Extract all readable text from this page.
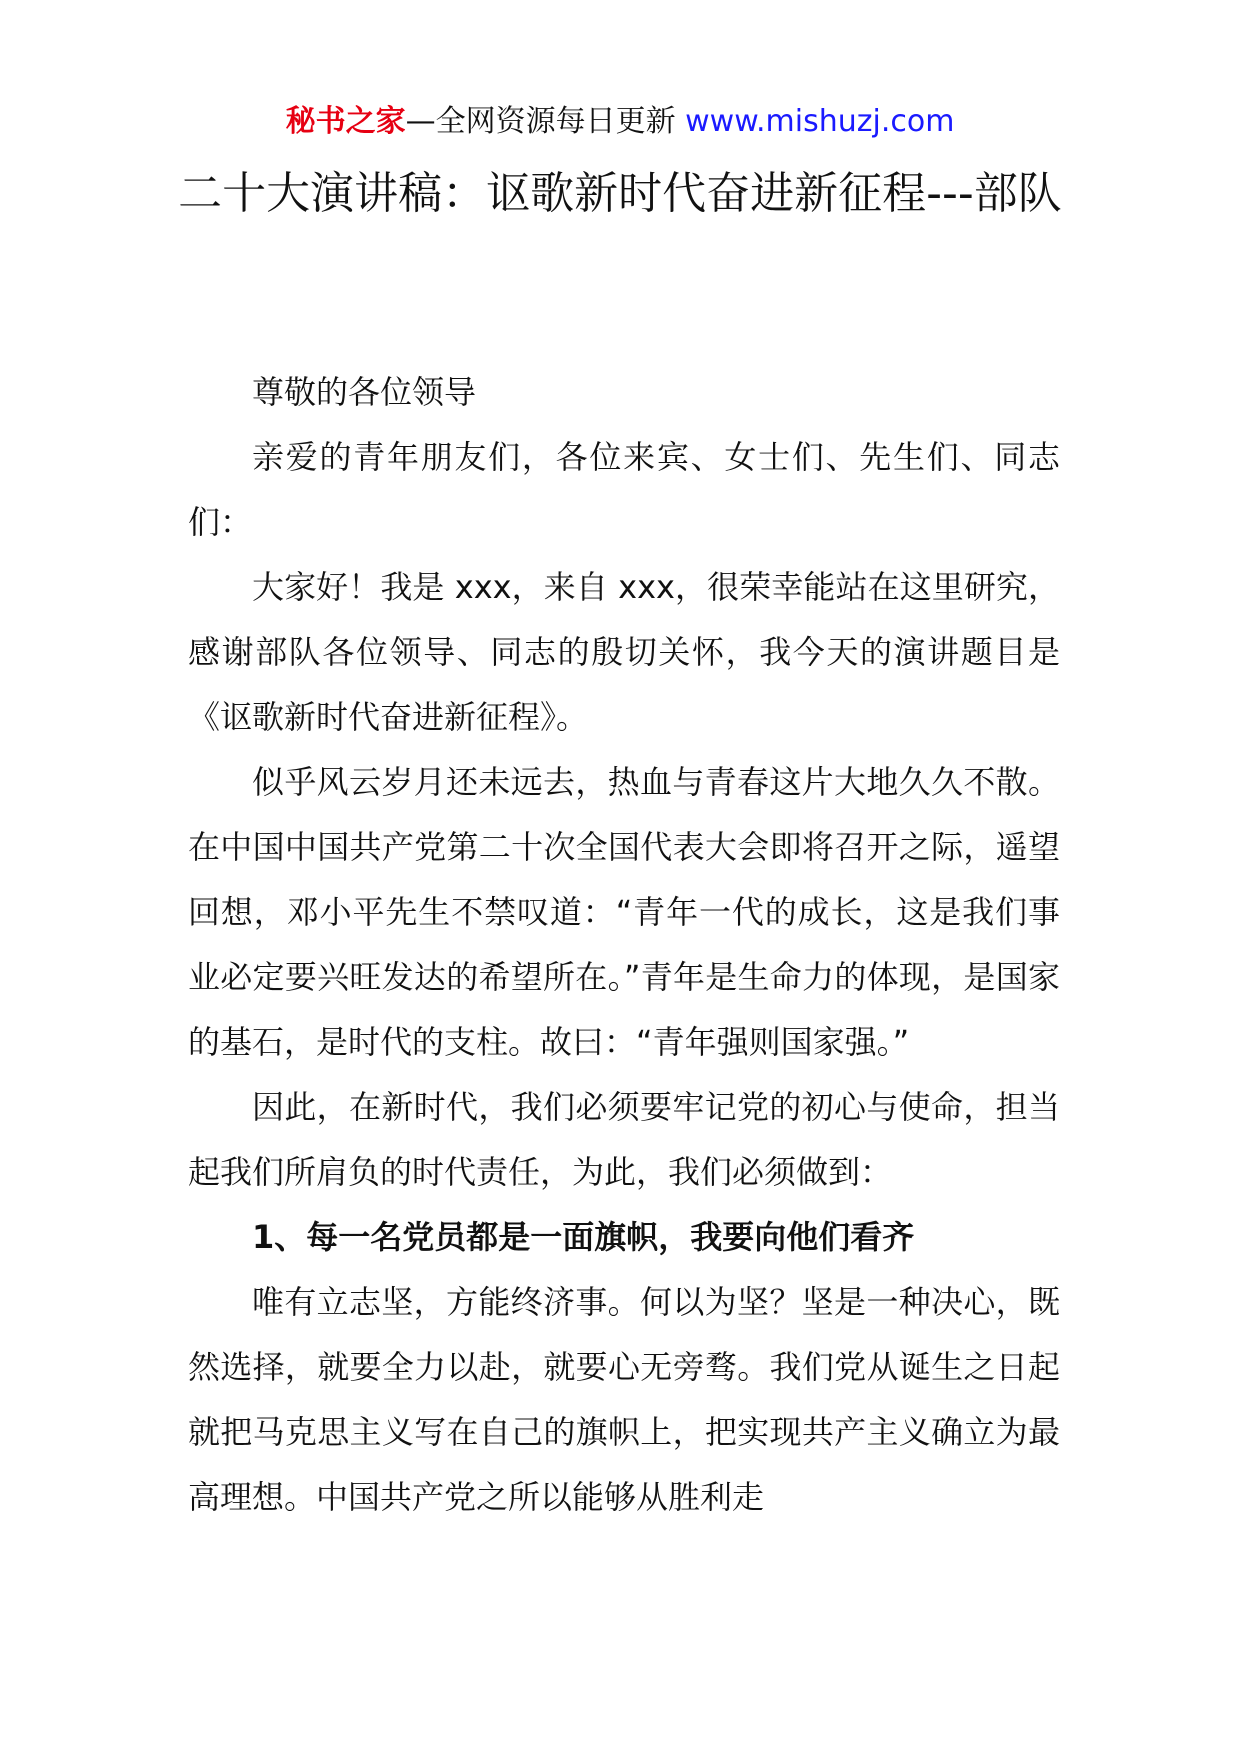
秘书之家—全网资源每日更新 www.mishuzj.com
二十大演讲稿：讴歌新时代奋进新征程---部队

尊敬的各位领导

亲爱的青年朋友们，各位来宾、女士们、先生们、同志们：

大家好！我是 xxx，来自 xxx，很荣幸能站在这里研究，感谢部队各位领导、同志的殷切关怀，我今天的演讲题目是《讴歌新时代奋进新征程》。

似乎风云岁月还未远去，热血与青春这片大地久久不散。在中国中国共产党第二十次全国代表大会即将召开之际，遥望回想，邓小平先生不禁叹道：“青年一代的成长，这是我们事业必定要兴旺发达的希望所在。”青年是生命力的体现，是国家的基石，是时代的支柱。故曰：“青年强则国家强。”

因此，在新时代，我们必须要牢记党的初心与使命，担当起我们所肩负的时代责任，为此，我们必须做到：

1、每一名党员都是一面旗帜，我要向他们看齐

唯有立志坚，方能终济事。何以为坚？坚是一种决心，既然选择，就要全力以赴，就要心无旁骛。我们党从诞生之日起就把马克思主义写在自己的旗帜上，把实现共产主义确立为最高理想。中国共产党之所以能够从胜利走
